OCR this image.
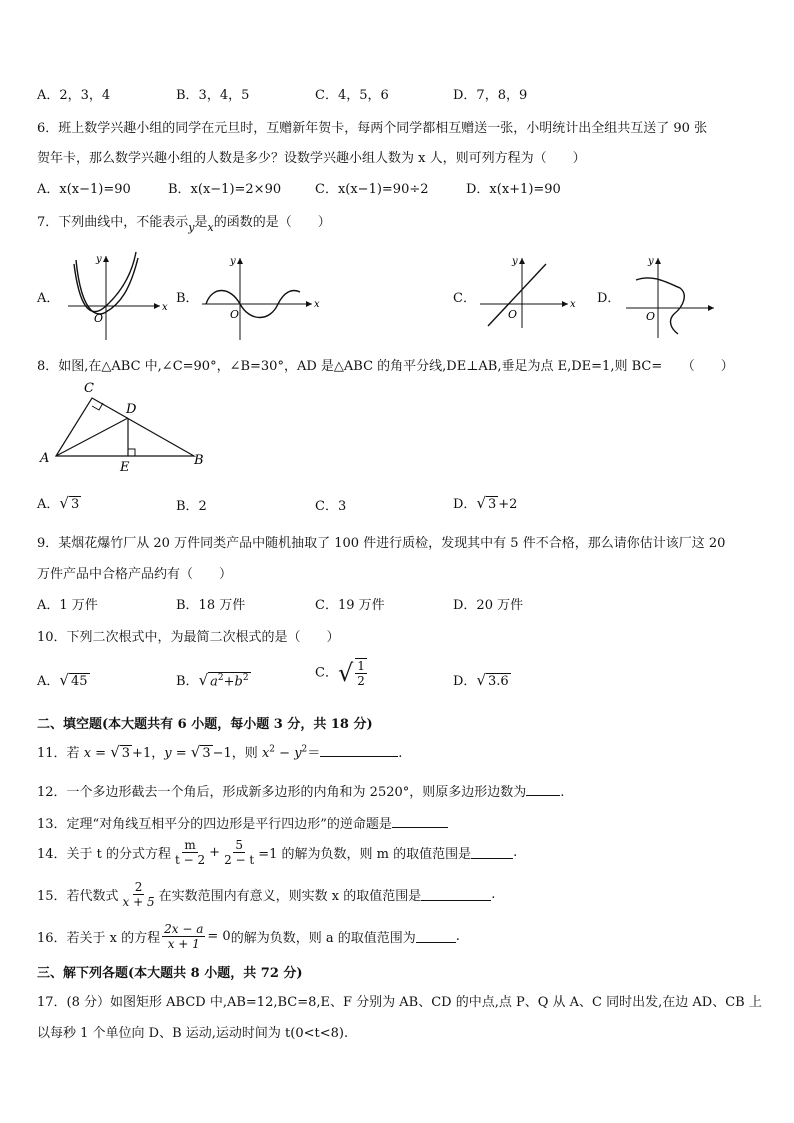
A．2，3，4	B．3，4，5	C．4，5，6	D．7，8，9
6．班上数学兴趣小组的同学在元旦时，互赠新年贺卡，每两个同学都相互赠送一张，小明统计出全组共互送了 90 张
贺年卡，那么数学兴趣小组的人数是多少？设数学兴趣小组人数为 x 人，则可列方程为（　　）
A．x(x−1)=90	B．x(x−1)=2×90	C．x(x−1)=90÷2	D．x(x+1)=90
7．下列曲线中，不能表示$_y$是$_x$的函数的是（　　）
A．
O
x
y
B．
O
x
y
C．
O
x
y
D．
O
y
8．如图,在△ABC 中,∠C=90°，∠B=30°，AD 是△ABC 的角平分线,DE⊥AB,垂足为点 E,DE=1,则 BC=　　（　　）
C
D
A	B
E
A．√ 3	B．2	C．3	D．√ 3 +2
9．某烟花爆竹厂从 20 万件同类产品中随机抽取了 100 件进行质检，发现其中有 5 件不合格，那么请你估计该厂这 20
万件产品中合格产品约有（　　）
A．1 万件	B．18 万件	C．19 万件	D．20 万件
10．下列二次根式中，为最简二次根式的是（　　）
A．√ 45	B．√ $a^2+b^2$	C．√ $\frac{1}{2}$	D．√ 3.6
二、填空题(本大题共有 6 小题，每小题 3 分，共 18 分)
11．若 x = √ 3 +1，y = √ 3 −1，则 $x^2 - y^2=$	.
12．一个多边形截去一个角后，形成新多边形的内角和为 2520°，则原多边形边数为	.
13．定理“对角线互相平分的四边形是平行四边形”的逆命题是
14．关于 t 的分式方程 $\frac{m}{t - 2} + \frac{5}{2 - t} =1$ 的解为负数，则 m 的取值范围是	.
15．若代数式 $\frac{2}{x + 5}$ 在实数范围内有意义，则实数 x 的取值范围是	.
16．若关于 x 的方程 $\frac{2x - a}{x + 1} = 0$ 的解为负数，则 a 的取值范围为	.
三、解下列各题(本大题共 8 小题，共 72 分)
17．(8 分）如图矩形 ABCD 中,AB=12,BC=8,E、F 分别为 AB、CD 的中点,点 P、Q 从 A、C 同时出发,在边 AD、CB 上
以每秒 1 个单位向 D、B 运动,运动时间为 t(0<t<8).
